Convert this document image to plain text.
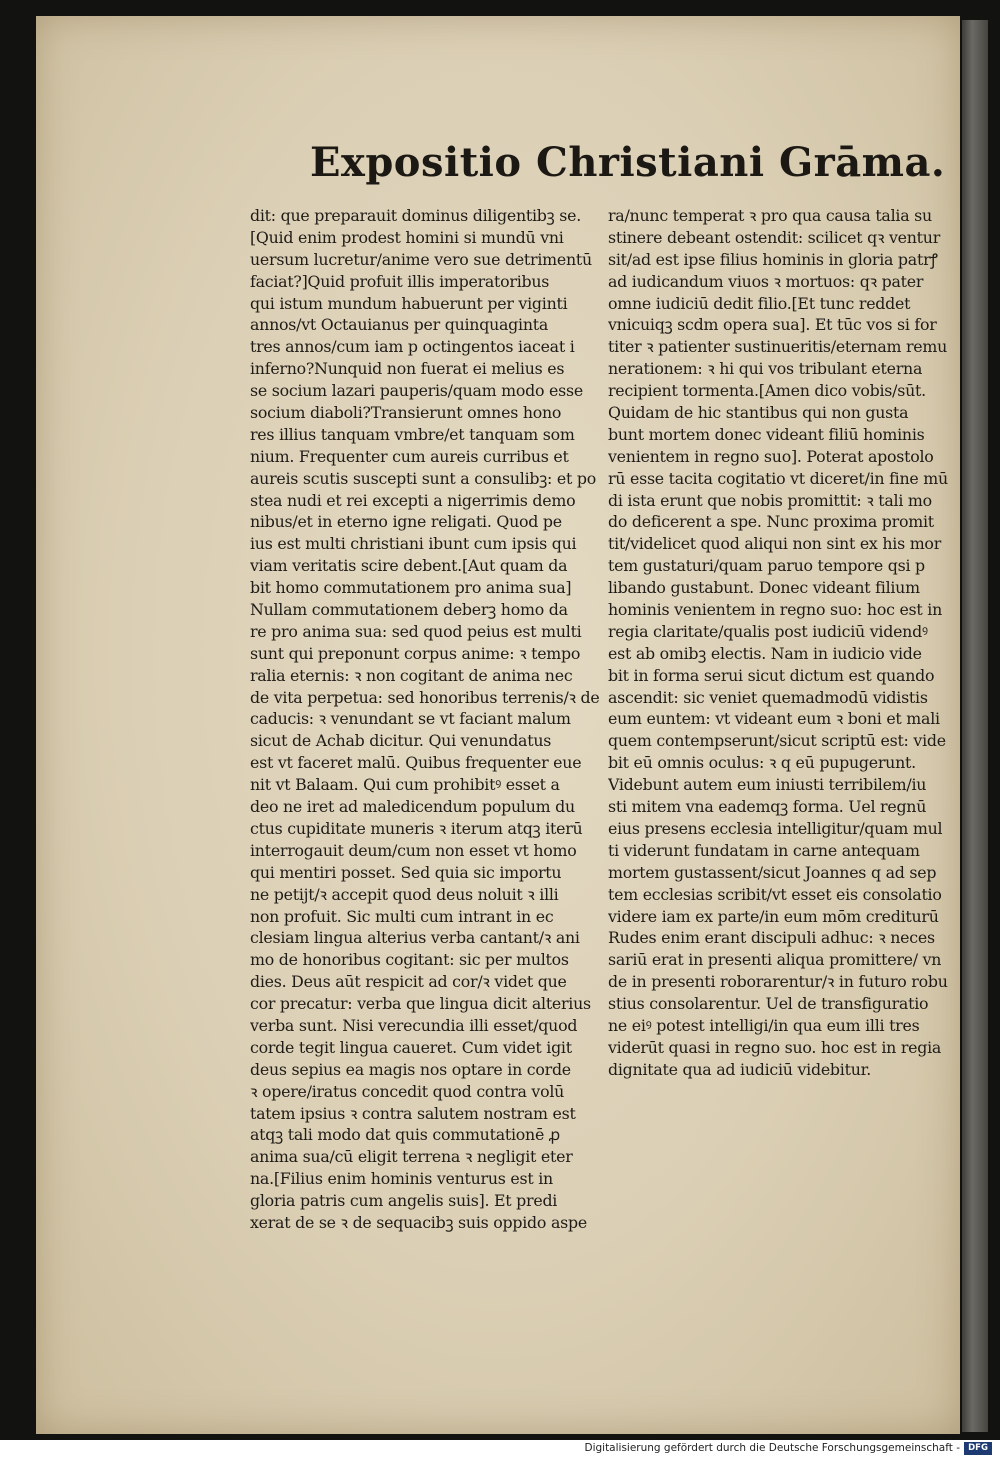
Expositio Christiani Grāma.
dit: que preparauit dominus diligentibꝫ se.
[Quid enim prodest homini si mundū vni
uersum lucretur/anime vero sue detrimentū
faciat?]Quid profuit illis imperatoribus
qui istum mundum habuerunt per viginti
annos/vt Octauianus per quinquaginta
tres annos/cum iam p octingentos iaceat i
inferno?Nunquid non fuerat ei melius es
se socium lazari pauperis/quam modo esse
socium diaboli?Transierunt omnes hono
res illius tanquam vmbre/et tanquam som
nium. Frequenter cum aureis curribus et
aureis scutis suscepti sunt a consulibꝫ: et po
stea nudi et rei excepti a nigerrimis demo
nibus/et in eterno igne religati. Quod pe
ius est multi christiani ibunt cum ipsis qui
viam veritatis scire debent.[Aut quam da
bit homo commutationem pro anima sua]
Nullam commutationem deberꝫ homo da
re pro anima sua: sed quod peius est multi
sunt qui preponunt corpus anime: ꝛ tempo
ralia eternis: ꝛ non cogitant de anima nec
de vita perpetua: sed honoribus terrenis/ꝛ de
caducis: ꝛ venundant se vt faciant malum
sicut de Achab dicitur. Qui venundatus
est vt faceret malū. Quibus frequenter eue
nit vt Balaam. Qui cum prohibitꝰ esset a
deo ne iret ad maledicendum populum du
ctus cupiditate muneris ꝛ iterum atqꝫ iterū
interrogauit deum/cum non esset vt homo
qui mentiri posset. Sed quia sic importu
ne petijt/ꝛ accepit quod deus noluit ꝛ illi
non profuit. Sic multi cum intrant in ec
clesiam lingua alterius verba cantant/ꝛ ani
mo de honoribus cogitant: sic per multos
dies. Deus aūt respicit ad cor/ꝛ videt que
cor precatur: verba que lingua dicit alterius
verba sunt. Nisi verecundia illi esset/quod
corde tegit lingua caueret. Cum videt igit
deus sepius ea magis nos optare in corde
ꝛ opere/iratus concedit quod contra volū
tatem ipsius ꝛ contra salutem nostram est
atqꝫ tali modo dat quis commutationē ꝓ
anima sua/cū eligit terrena ꝛ negligit eter
na.[Filius enim hominis venturus est in
gloria patris cum angelis suis]. Et predi
xerat de se ꝛ de sequacibꝫ suis oppido aspe
ra/nunc temperat ꝛ pro qua causa talia su
stinere debeant ostendit: scilicet qꝛ ventur
sit/ad est ipse filius hominis in gloria patrꝭ
ad iudicandum viuos ꝛ mortuos: qꝛ pater
omne iudiciū dedit filio.[Et tunc reddet
vnicuiqꝫ scdm opera sua]. Et tūc vos si for
titer ꝛ patienter sustinueritis/eternam remu
nerationem: ꝛ hi qui vos tribulant eterna
recipient tormenta.[Amen dico vobis/sūt.
Quidam de hic stantibus qui non gusta
bunt mortem donec videant filiū hominis
venientem in regno suo]. Poterat apostolo
rū esse tacita cogitatio vt diceret/in fine mū
di ista erunt que nobis promittit: ꝛ tali mo
do deficerent a spe. Nunc proxima promit
tit/videlicet quod aliqui non sint ex his mor
tem gustaturi/quam paruo tempore qsi p
libando gustabunt. Donec videant filium
hominis venientem in regno suo: hoc est in
regia claritate/qualis post iudiciū videndꝰ
est ab omibꝫ electis. Nam in iudicio vide
bit in forma serui sicut dictum est quando
ascendit: sic veniet quemadmodū vidistis
eum euntem: vt videant eum ꝛ boni et mali
quem contempserunt/sicut scriptū est: vide
bit eū omnis oculus: ꝛ q eū pupugerunt.
Videbunt autem eum iniusti terribilem/iu
sti mitem vna eademqꝫ forma. Uel regnū
eius presens ecclesia intelligitur/quam mul
ti viderunt fundatam in carne antequam
mortem gustassent/sicut Joannes q ad sep
tem ecclesias scribit/vt esset eis consolatio
videre iam ex parte/in eum mōm crediturū
Rudes enim erant discipuli adhuc: ꝛ neces
sariū erat in presenti aliqua promittere/ vn
de in presenti roborarentur/ꝛ in futuro robu
stius consolarentur. Uel de transfiguratio
ne eiꝰ potest intelligi/in qua eum illi tres
viderūt quasi in regno suo. hoc est in regia
dignitate qua ad iudiciū videbitur.
Digitalisierung gefördert durch die Deutsche Forschungsgemeinschaft - DFG
